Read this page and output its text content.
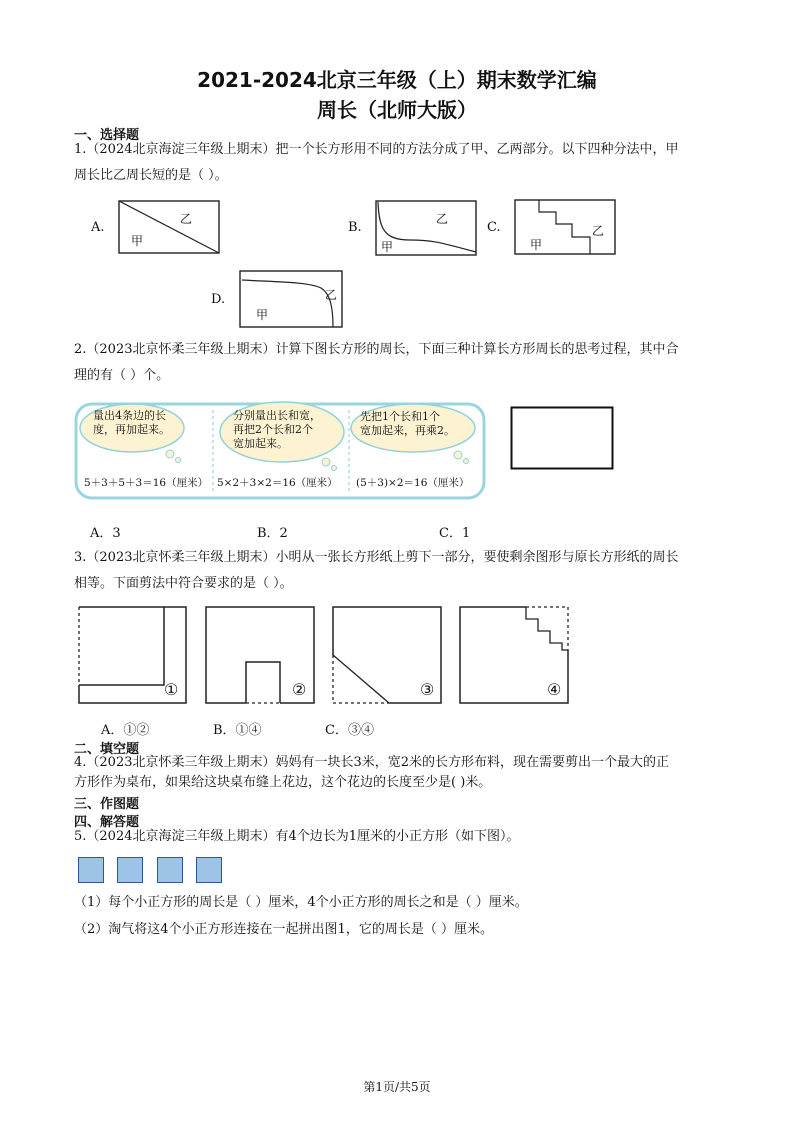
2021-2024北京三年级（上）期末数学汇编
周长（北师大版）
一、选择题
1.（2024北京海淀三年级上期末）把一个长方形用不同的方法分成了甲、乙两部分。以下四种分法中，甲
周长比乙周长短的是（ ）。
A.
甲
乙
B.
甲
乙
C.
甲
乙
D.
甲
乙
2.（2023北京怀柔三年级上期末）计算下图长方形的周长，下面三种计算长方形周长的思考过程，其中合
理的有（ ）个。
量出4条边的长
度，再加起来。
分别量出长和宽，
再把2个长和2个
宽加起来。
先把1个长和1个
宽加起来，再乘2。
5＋3＋5＋3＝16（厘米） 5×2＋3×2＝16（厘米） (5＋3)×2＝16（厘米）
A．3	B．2	C．1
3.（2023北京怀柔三年级上期末）小明从一张长方形纸上剪下一部分，要使剩余图形与原长方形纸的周长
相等。下面剪法中符合要求的是（ ）。
①	②	③	④
A．①②	B．①④	C．③④
二、填空题
4.（2023北京怀柔三年级上期末）妈妈有一块长3米，宽2米的长方形布料，现在需要剪出一个最大的正
方形作为桌布，如果给这块桌布缝上花边，这个花边的长度至少是( )米。
三、作图题
四、解答题
5.（2024北京海淀三年级上期末）有4个边长为1厘米的小正方形（如下图）。
（1）每个小正方形的周长是（ ）厘米，4个小正方形的周长之和是（ ）厘米。
（2）淘气将这4个小正方形连接在一起拼出图1，它的周长是（ ）厘米。
第1页/共5页
